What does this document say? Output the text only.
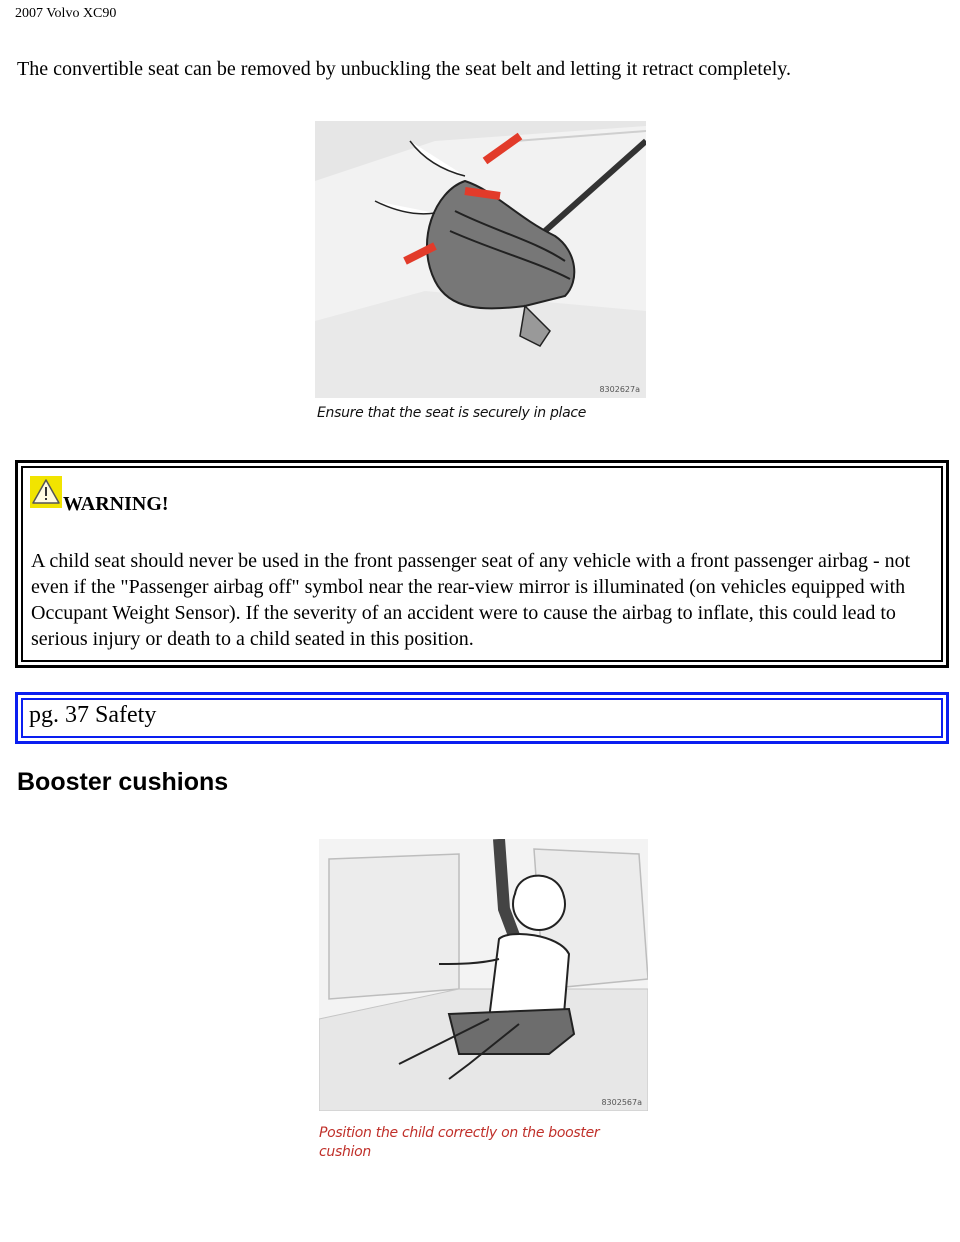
2007 Volvo XC90

The convertible seat can be removed by unbuckling the seat belt and letting it retract completely.

8302627a
Ensure that the seat is securely in place
WARNING!

A child seat should never be used in the front passenger seat of any vehicle with a front passenger airbag - not even if the "Passenger airbag off" symbol near the rear-view mirror is illuminated (on vehicles equipped with Occupant Weight Sensor). If the severity of an accident were to cause the airbag to inflate, this could lead to serious injury or death to a child seated in this position.

pg. 37 Safety
Booster cushions
8302567a
Position the child correctly on the booster cushion
